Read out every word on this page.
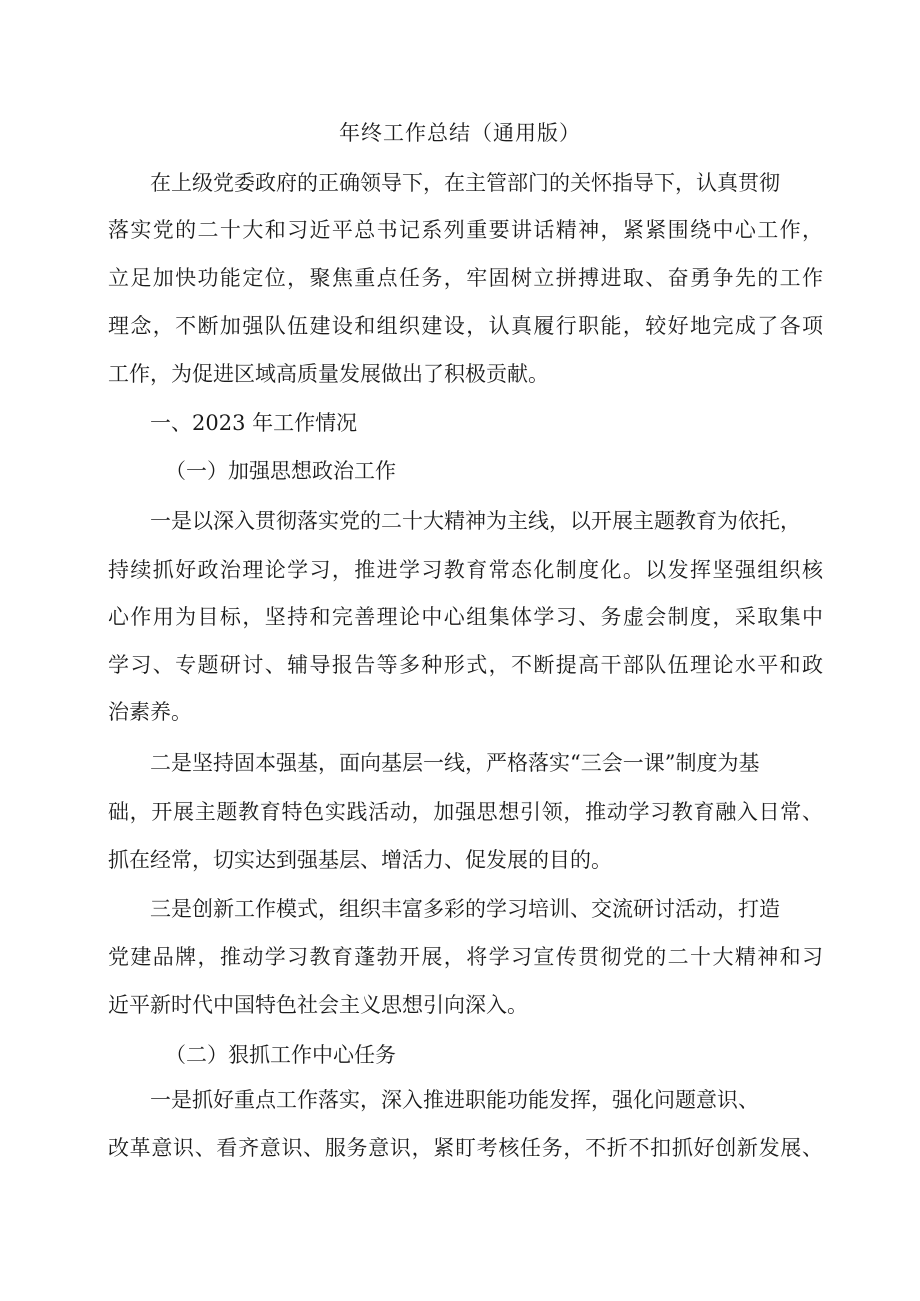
年终工作总结（通用版）
在上级党委政府的正确领导下，在主管部门的关怀指导下，认真贯彻
落实党的二十大和习近平总书记系列重要讲话精神，紧紧围绕中心工作，
立足加快功能定位，聚焦重点任务，牢固树立拼搏进取、奋勇争先的工作
理念，不断加强队伍建设和组织建设，认真履行职能，较好地完成了各项
工作，为促进区域高质量发展做出了积极贡献。
一、2023 年工作情况
（一）加强思想政治工作
一是以深入贯彻落实党的二十大精神为主线，以开展主题教育为依托，
持续抓好政治理论学习，推进学习教育常态化制度化。以发挥坚强组织核
心作用为目标，坚持和完善理论中心组集体学习、务虚会制度，采取集中
学习、专题研讨、辅导报告等多种形式，不断提高干部队伍理论水平和政
治素养。
二是坚持固本强基，面向基层一线，严格落实“三会一课”制度为基
础，开展主题教育特色实践活动，加强思想引领，推动学习教育融入日常、
抓在经常，切实达到强基层、增活力、促发展的目的。
三是创新工作模式，组织丰富多彩的学习培训、交流研讨活动，打造
党建品牌，推动学习教育蓬勃开展，将学习宣传贯彻党的二十大精神和习
近平新时代中国特色社会主义思想引向深入。
（二）狠抓工作中心任务
一是抓好重点工作落实，深入推进职能功能发挥，强化问题意识、
改革意识、看齐意识、服务意识，紧盯考核任务，不折不扣抓好创新发展、
